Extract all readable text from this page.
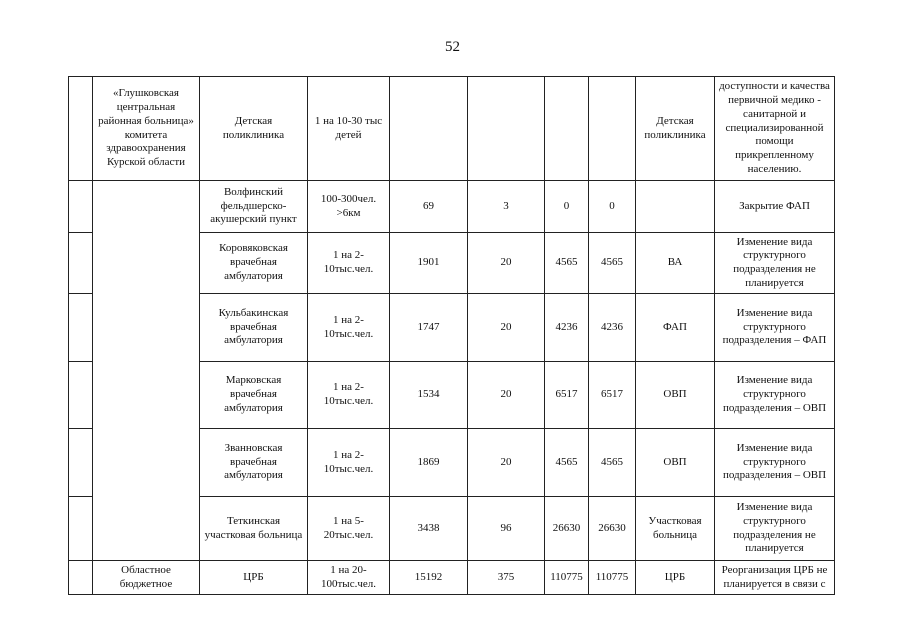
52
	«Глушковская центральная районная больница» комитета здравоохранения Курской области	Детская поликлиника	1 на 10-30 тыс детей					Детская поликлиника	доступности и качества первичной медико - санитарной и специализированной помощи прикрепленному населению.
		Волфинский фельдшерско-акушерский пункт	100-300чел. >6км	69	3	0	0		Закрытие ФАП
		Коровяковская врачебная амбулатория	1 на 2-10тыс.чел.	1901	20	4565	4565	ВА	Изменение вида структурного подразделения не планируется
		Кульбакинская врачебная амбулатория	1 на 2-10тыс.чел.	1747	20	4236	4236	ФАП	Изменение вида структурного подразделения – ФАП
		Марковская врачебная амбулатория	1 на 2-10тыс.чел.	1534	20	6517	6517	ОВП	Изменение вида структурного подразделения – ОВП
		Званновская врачебная амбулатория	1 на 2-10тыс.чел.	1869	20	4565	4565	ОВП	Изменение вида структурного подразделения – ОВП
		Теткинская участковая больница	1 на 5-20тыс.чел.	3438	96	26630	26630	Участковая больница	Изменение вида структурного подразделения не планируется
	Областное бюджетное	ЦРБ	1 на 20-100тыс.чел.	15192	375	110775	110775	ЦРБ	Реорганизация ЦРБ не планируется в связи с
